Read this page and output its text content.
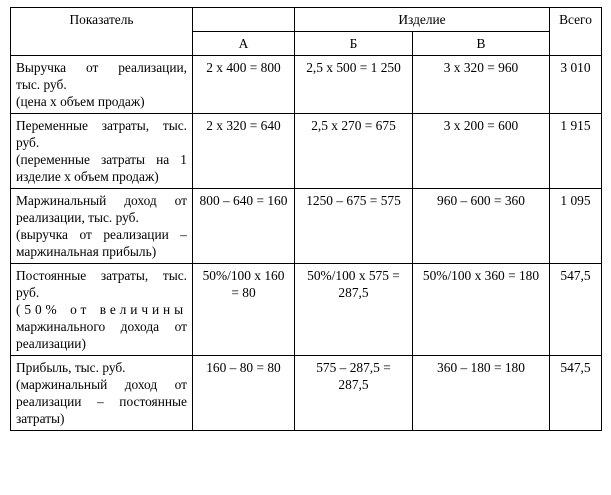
Показатель		Изделие		Всего
	А	Б	В	

Выручка от реализации,
тыс. руб.
(цена х объем продаж)	2 х 400 = 800	2,5 х 500 = 1 250	3 х 320 = 960	3 010

Переменные затраты, тыс.
руб.
(переменные затраты на 1
изделие х объем продаж)	2 х 320 = 640	2,5 х 270 = 675	3 х 200 = 600	1 915

Маржинальный доход от
реализации, тыс. руб.
(выручка от реализации –
маржинальная прибыль)	800 – 640 = 160	1250 – 675 = 575	960 – 600 = 360	1 095

Постоянные затраты, тыс.
руб.
(50% от величины
маржинального дохода от
реализации)	50%/100 х 160 = 80	50%/100 х 575 = 287,5	50%/100 х 360 = 180	547,5

Прибыль, тыс. руб.
(маржинальный доход от
реализации – постоянные
затраты)	160 – 80 = 80	575 – 287,5 = 287,5	360 – 180 = 180	547,5
